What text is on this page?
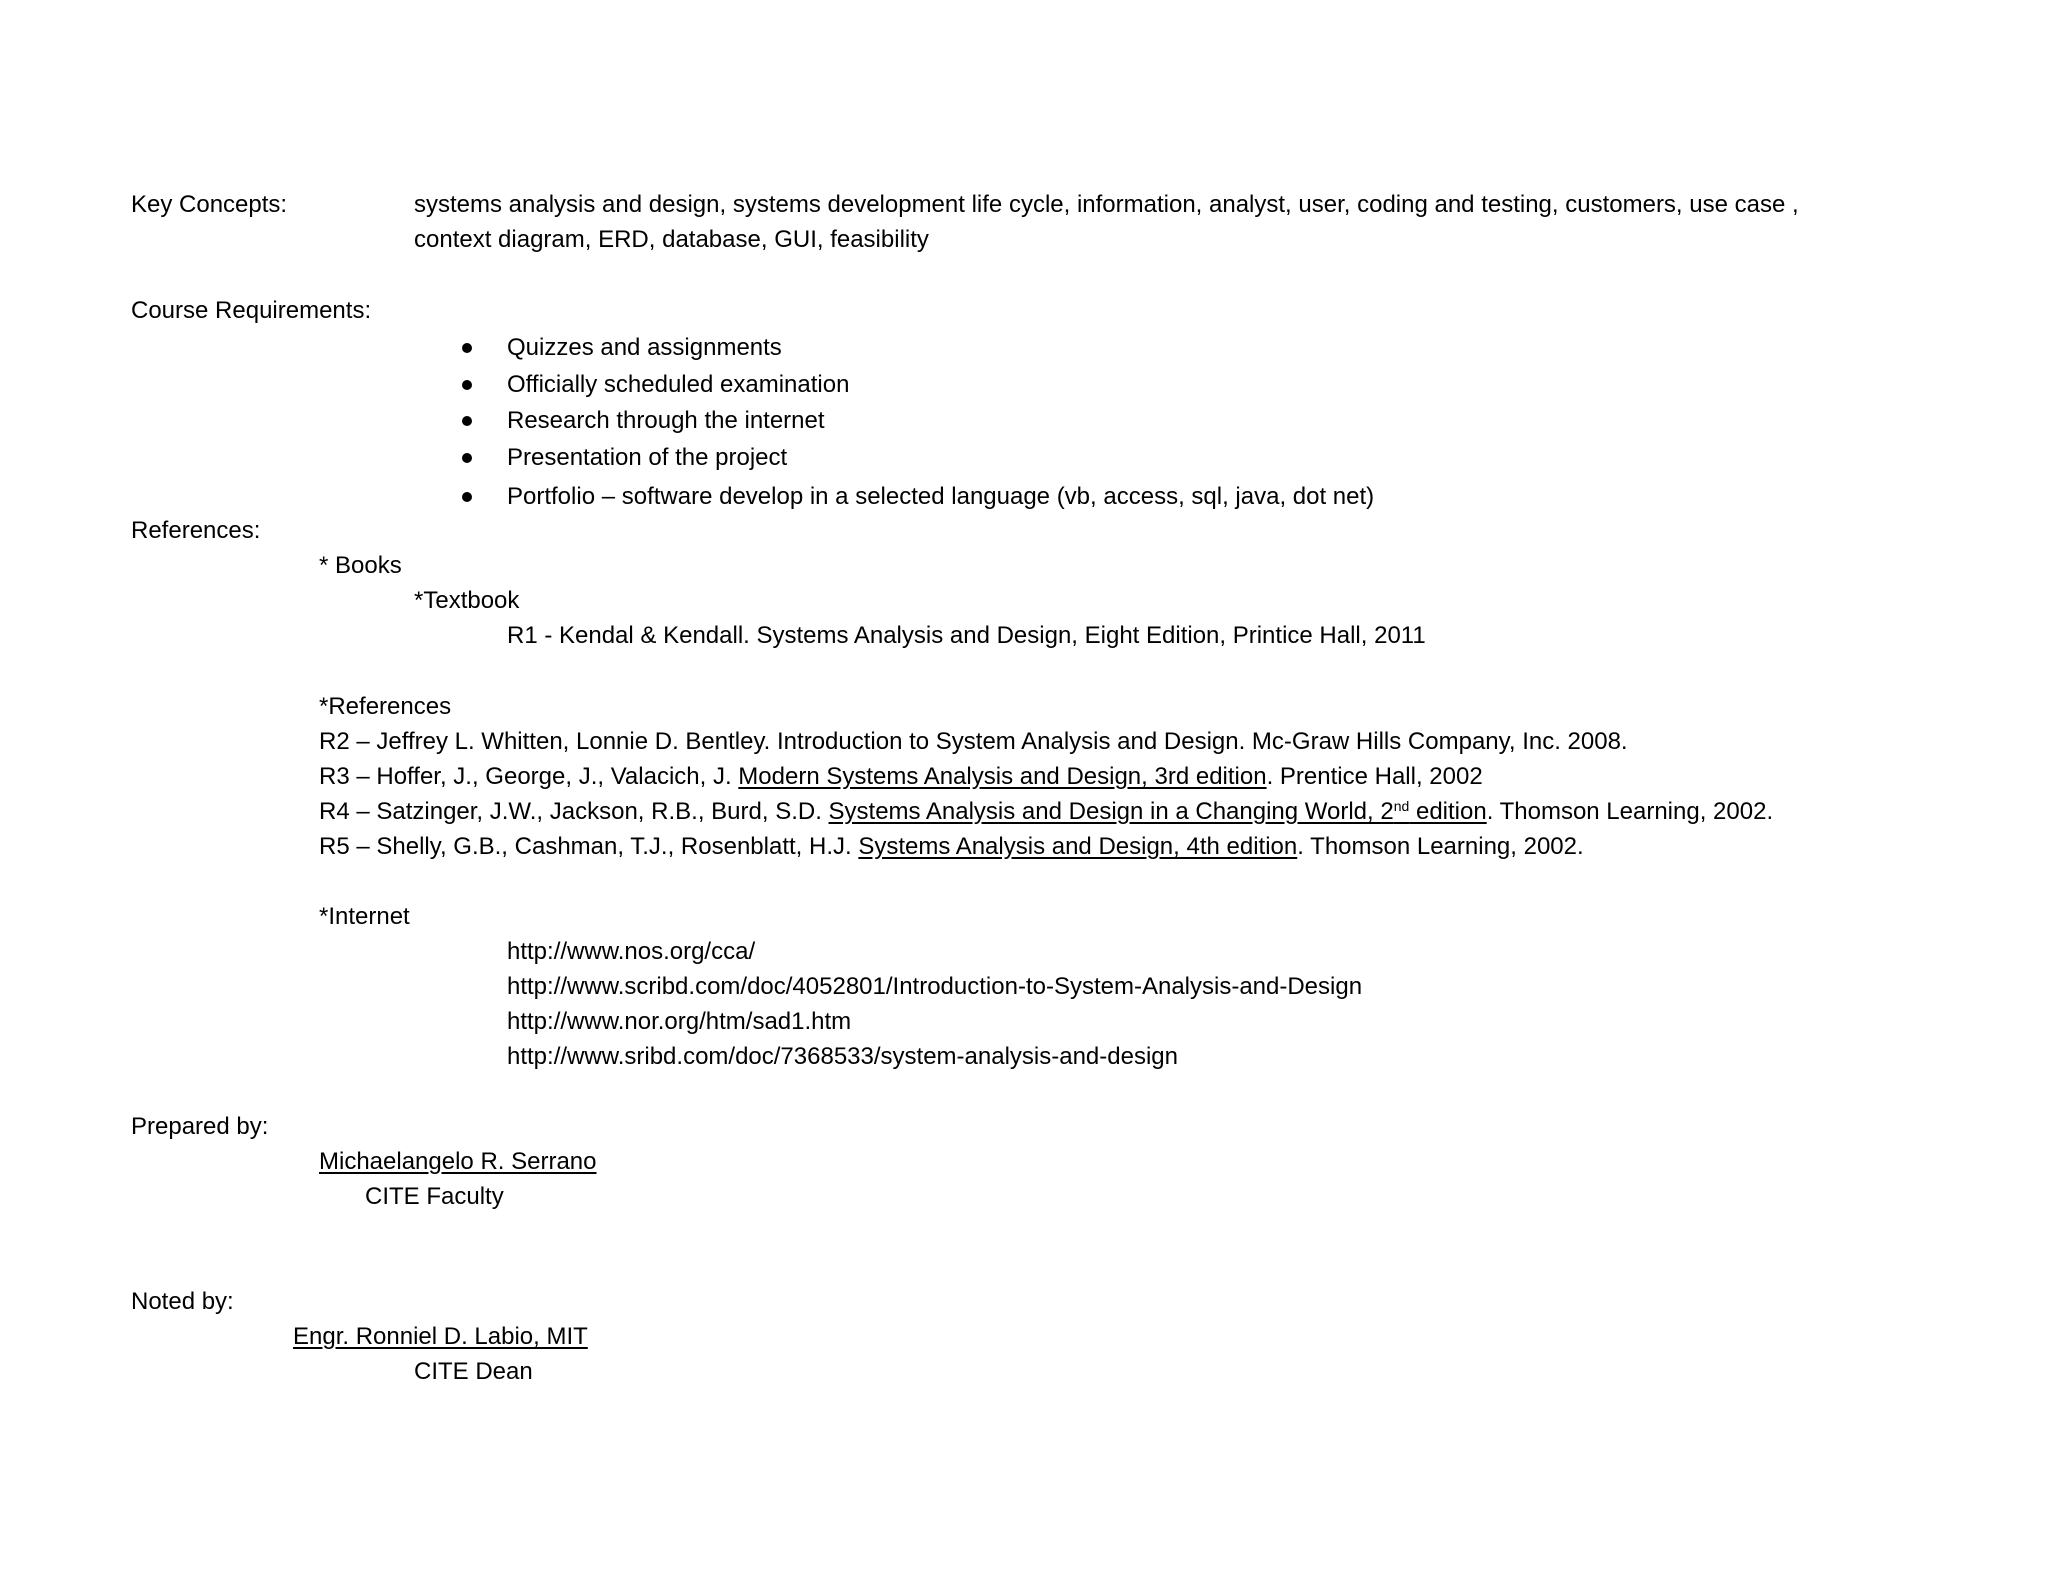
Key Concepts:	systems analysis and design, systems development life cycle, information, analyst, user, coding and testing, customers, use case ,

context diagram, ERD, database, GUI, feasibility

Course Requirements:

Quizzes and assignments

Officially scheduled examination

Research through the internet

Presentation of the project

Portfolio – software develop in a selected language (vb, access, sql, java, dot net)

References:

* Books

*Textbook

R1 - Kendal & Kendall. Systems Analysis and Design, Eight Edition, Printice Hall, 2011

*References

R2 – Jeffrey L. Whitten, Lonnie D. Bentley. Introduction to System Analysis and Design. Mc-Graw Hills Company, Inc. 2008.

R3 – Hoffer, J., George, J., Valacich, J. Modern Systems Analysis and Design, 3rd edition. Prentice Hall, 2002

R4 – Satzinger, J.W., Jackson, R.B., Burd, S.D. Systems Analysis and Design in a Changing World, 2nd edition. Thomson Learning, 2002.

R5 – Shelly, G.B., Cashman, T.J., Rosenblatt, H.J. Systems Analysis and Design, 4th edition. Thomson Learning, 2002.

*Internet

http://www.nos.org/cca/

http://www.scribd.com/doc/4052801/Introduction-to-System-Analysis-and-Design

http://www.nor.org/htm/sad1.htm

http://www.sribd.com/doc/7368533/system-analysis-and-design

Prepared by:

Michaelangelo R. Serrano

CITE Faculty

Noted by:

Engr. Ronniel D. Labio, MIT

CITE Dean
